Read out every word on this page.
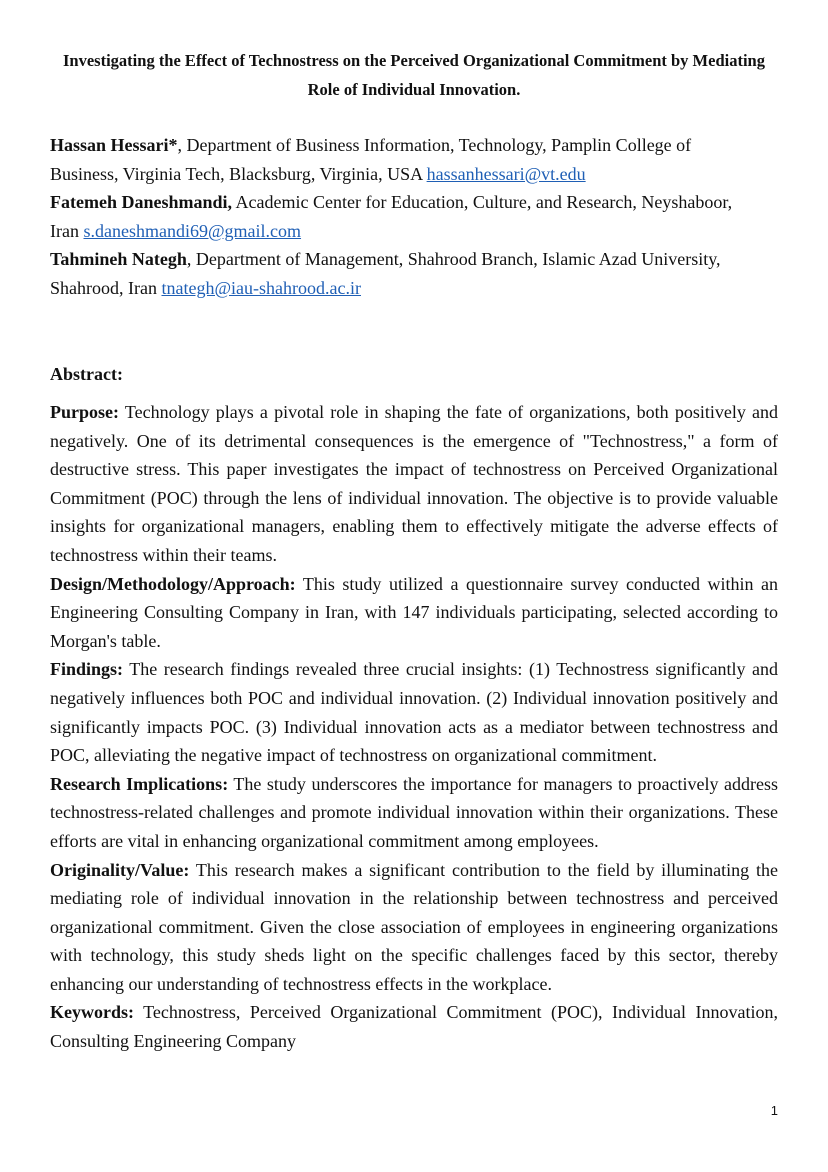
Investigating the Effect of Technostress on the Perceived Organizational Commitment by Mediating
Role of Individual Innovation.
Hassan Hessari*, Department of Business Information, Technology, Pamplin College of
Business, Virginia Tech, Blacksburg, Virginia, USA hassanhessari@vt.edu
Fatemeh Daneshmandi, Academic Center for Education, Culture, and Research, Neyshaboor,
Iran s.daneshmandi69@gmail.com
Tahmineh Nategh, Department of Management, Shahrood Branch, Islamic Azad University,
Shahrood, Iran tnategh@iau-shahrood.ac.ir
Abstract:

Purpose: Technology plays a pivotal role in shaping the fate of organizations, both positively and negatively. One of its detrimental consequences is the emergence of "Technostress," a form of destructive stress. This paper investigates the impact of technostress on Perceived Organizational Commitment (POC) through the lens of individual innovation. The objective is to provide valuable insights for organizational managers, enabling them to effectively mitigate the adverse effects of technostress within their teams.

Design/Methodology/Approach: This study utilized a questionnaire survey conducted within an Engineering Consulting Company in Iran, with 147 individuals participating, selected according to Morgan's table.

Findings: The research findings revealed three crucial insights: (1) Technostress significantly and negatively influences both POC and individual innovation. (2) Individual innovation positively and significantly impacts POC. (3) Individual innovation acts as a mediator between technostress and POC, alleviating the negative impact of technostress on organizational commitment.

Research Implications: The study underscores the importance for managers to proactively address technostress-related challenges and promote individual innovation within their organizations. These efforts are vital in enhancing organizational commitment among employees.

Originality/Value: This research makes a significant contribution to the field by illuminating the mediating role of individual innovation in the relationship between technostress and perceived organizational commitment. Given the close association of employees in engineering organizations with technology, this study sheds light on the specific challenges faced by this sector, thereby enhancing our understanding of technostress effects in the workplace.

Keywords: Technostress, Perceived Organizational Commitment (POC), Individual Innovation, Consulting Engineering Company

1
